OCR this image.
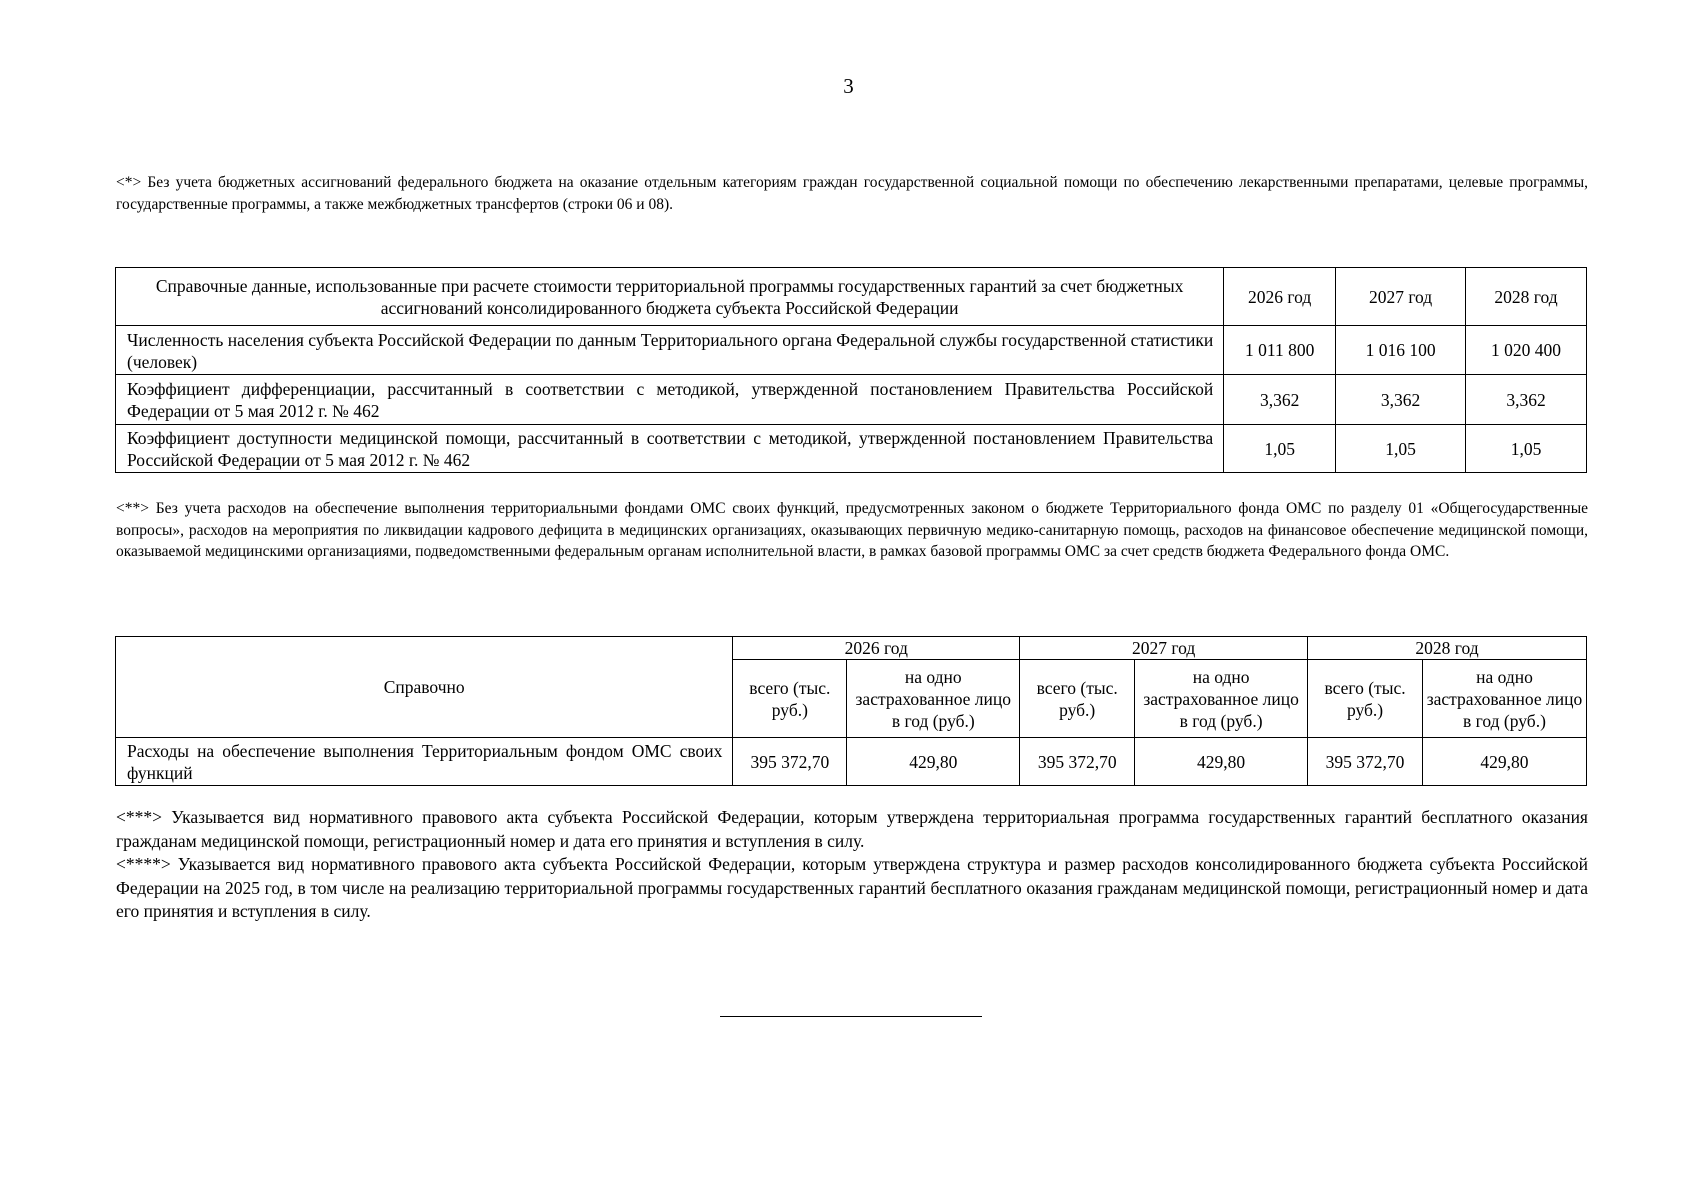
3

<*> Без учета бюджетных ассигнований федерального бюджета на оказание отдельным категориям граждан государственной социальной помощи по обеспечению лекарственными препаратами, целевые программы, государственные программы, а также межбюджетных трансфертов (строки 06 и 08).

Справочные данные, использованные при расчете стоимости территориальной программы государственных гарантий за счет бюджетных ассигнований консолидированного бюджета субъекта Российской Федерации	2026 год	2027 год	2028 год
Численность населения субъекта Российской Федерации по данным Территориального органа Федеральной службы государственной статистики (человек)	1 011 800	1 016 100	1 020 400
Коэффициент дифференциации, рассчитанный в соответствии с методикой, утвержденной постановлением Правительства Российской Федерации от 5 мая 2012 г. № 462	3,362	3,362	3,362
Коэффициент доступности медицинской помощи, рассчитанный в соответствии с методикой, утвержденной постановлением Правительства Российской Федерации от 5 мая 2012 г. № 462	1,05	1,05	1,05

<**> Без учета расходов на обеспечение выполнения территориальными фондами ОМС своих функций, предусмотренных законом о бюджете Территориального фонда ОМС по разделу 01 «Общегосударственные вопросы», расходов на мероприятия по ликвидации кадрового дефицита в медицинских организациях, оказывающих первичную медико-санитарную помощь, расходов на финансовое обеспечение медицинской помощи, оказываемой медицинскими организациями, подведомственными федеральным органам исполнительной власти, в рамках базовой программы ОМС за счет средств бюджета Федерального фонда ОМС.

Справочно	2026 год		2027 год		2028 год	
	всего (тыс. руб.)	на одно застрахованное лицо в год (руб.)	всего (тыс. руб.)	на одно застрахованное лицо в год (руб.)	всего (тыс. руб.)	на одно застрахованное лицо в год (руб.)
Расходы на обеспечение выполнения Территориальным фондом ОМС своих функций	395 372,70	429,80	395 372,70	429,80	395 372,70	429,80

<***> Указывается вид нормативного правового акта субъекта Российской Федерации, которым утверждена территориальная программа государственных гарантий бесплатного оказания гражданам медицинской помощи, регистрационный номер и дата его принятия и вступления в силу.

<****> Указывается вид нормативного правового акта субъекта Российской Федерации, которым утверждена структура и размер расходов консолидированного бюджета субъекта Российской Федерации на 2025 год, в том числе на реализацию территориальной программы государственных гарантий бесплатного оказания гражданам медицинской помощи, регистрационный номер и дата его принятия и вступления в силу.
